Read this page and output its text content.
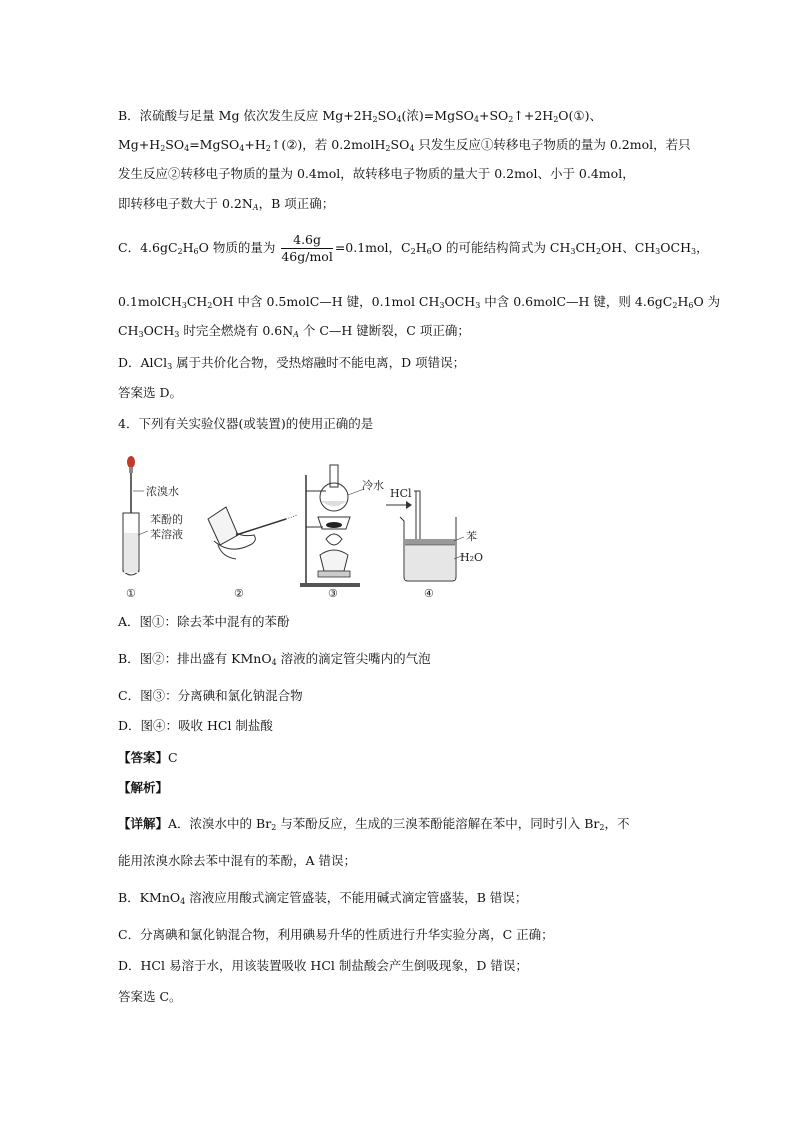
B．浓硫酸与足量 Mg 依次发生反应 $Mg+2H_2SO_4$(浓)$=MgSO_4+SO_2↑+2H_2O(①)$、
$Mg+H_2SO_4=MgSO_4+H_2↑(②)$，若 $0.2molH_2SO_4$ 只发生反应①转移电子物质的量为 0.2mol，若只
发生反应②转移电子物质的量为 0.4mol，故转移电子物质的量大于 0.2mol、小于 0.4mol，
即转移电子数大于 $0.2N_A$，B 项正确；
C．$4.6gC_2H_6O$ 物质的量为 $\frac{4.6g}{\text{46g/mol}} =0.1mol$，$C_2H_6O$ 的可能结构简式为 $CH_3CH_2OH$、$CH_3OCH_3$，
$0.1molCH_3CH_2OH$ 中含 0.5molC—H 键，0.1mol $CH_3OCH_3$ 中含 0.6molC—H 键，则 $4.6gC_2H_6O$ 为
$CH_3OCH_3$ 时完全燃烧有 $0.6N_A$ 个 C—H 键断裂，C 项正确；
D．AlCl$_3$ 属于共价化合物，受热熔融时不能电离，D 项错误；
答案选 D。
4．下列有关实验仪器(或装置)的使用正确的是
浓溴水
苯酚的
苯溶液
①	②
冷水
③
HCl
苯
H₂O
④
A．图①：除去苯中混有的苯酚
B．图②：排出盛有 KMnO$_4$ 溶液的滴定管尖嘴内的气泡
C．图③：分离碘和氯化钠混合物
D．图④：吸收 HCl 制盐酸
【答案】C
【解析】
【详解】A．浓溴水中的 $Br_2$ 与苯酚反应，生成的三溴苯酚能溶解在苯中，同时引入 $Br_2$，不
能用浓溴水除去苯中混有的苯酚，A 错误；
B．KMnO$_4$ 溶液应用酸式滴定管盛装，不能用碱式滴定管盛装，B 错误；
C．分离碘和氯化钠混合物，利用碘易升华的性质进行升华实验分离，C 正确；
D．HCl 易溶于水，用该装置吸收 HCl 制盐酸会产生倒吸现象，D 错误；
答案选 C。
